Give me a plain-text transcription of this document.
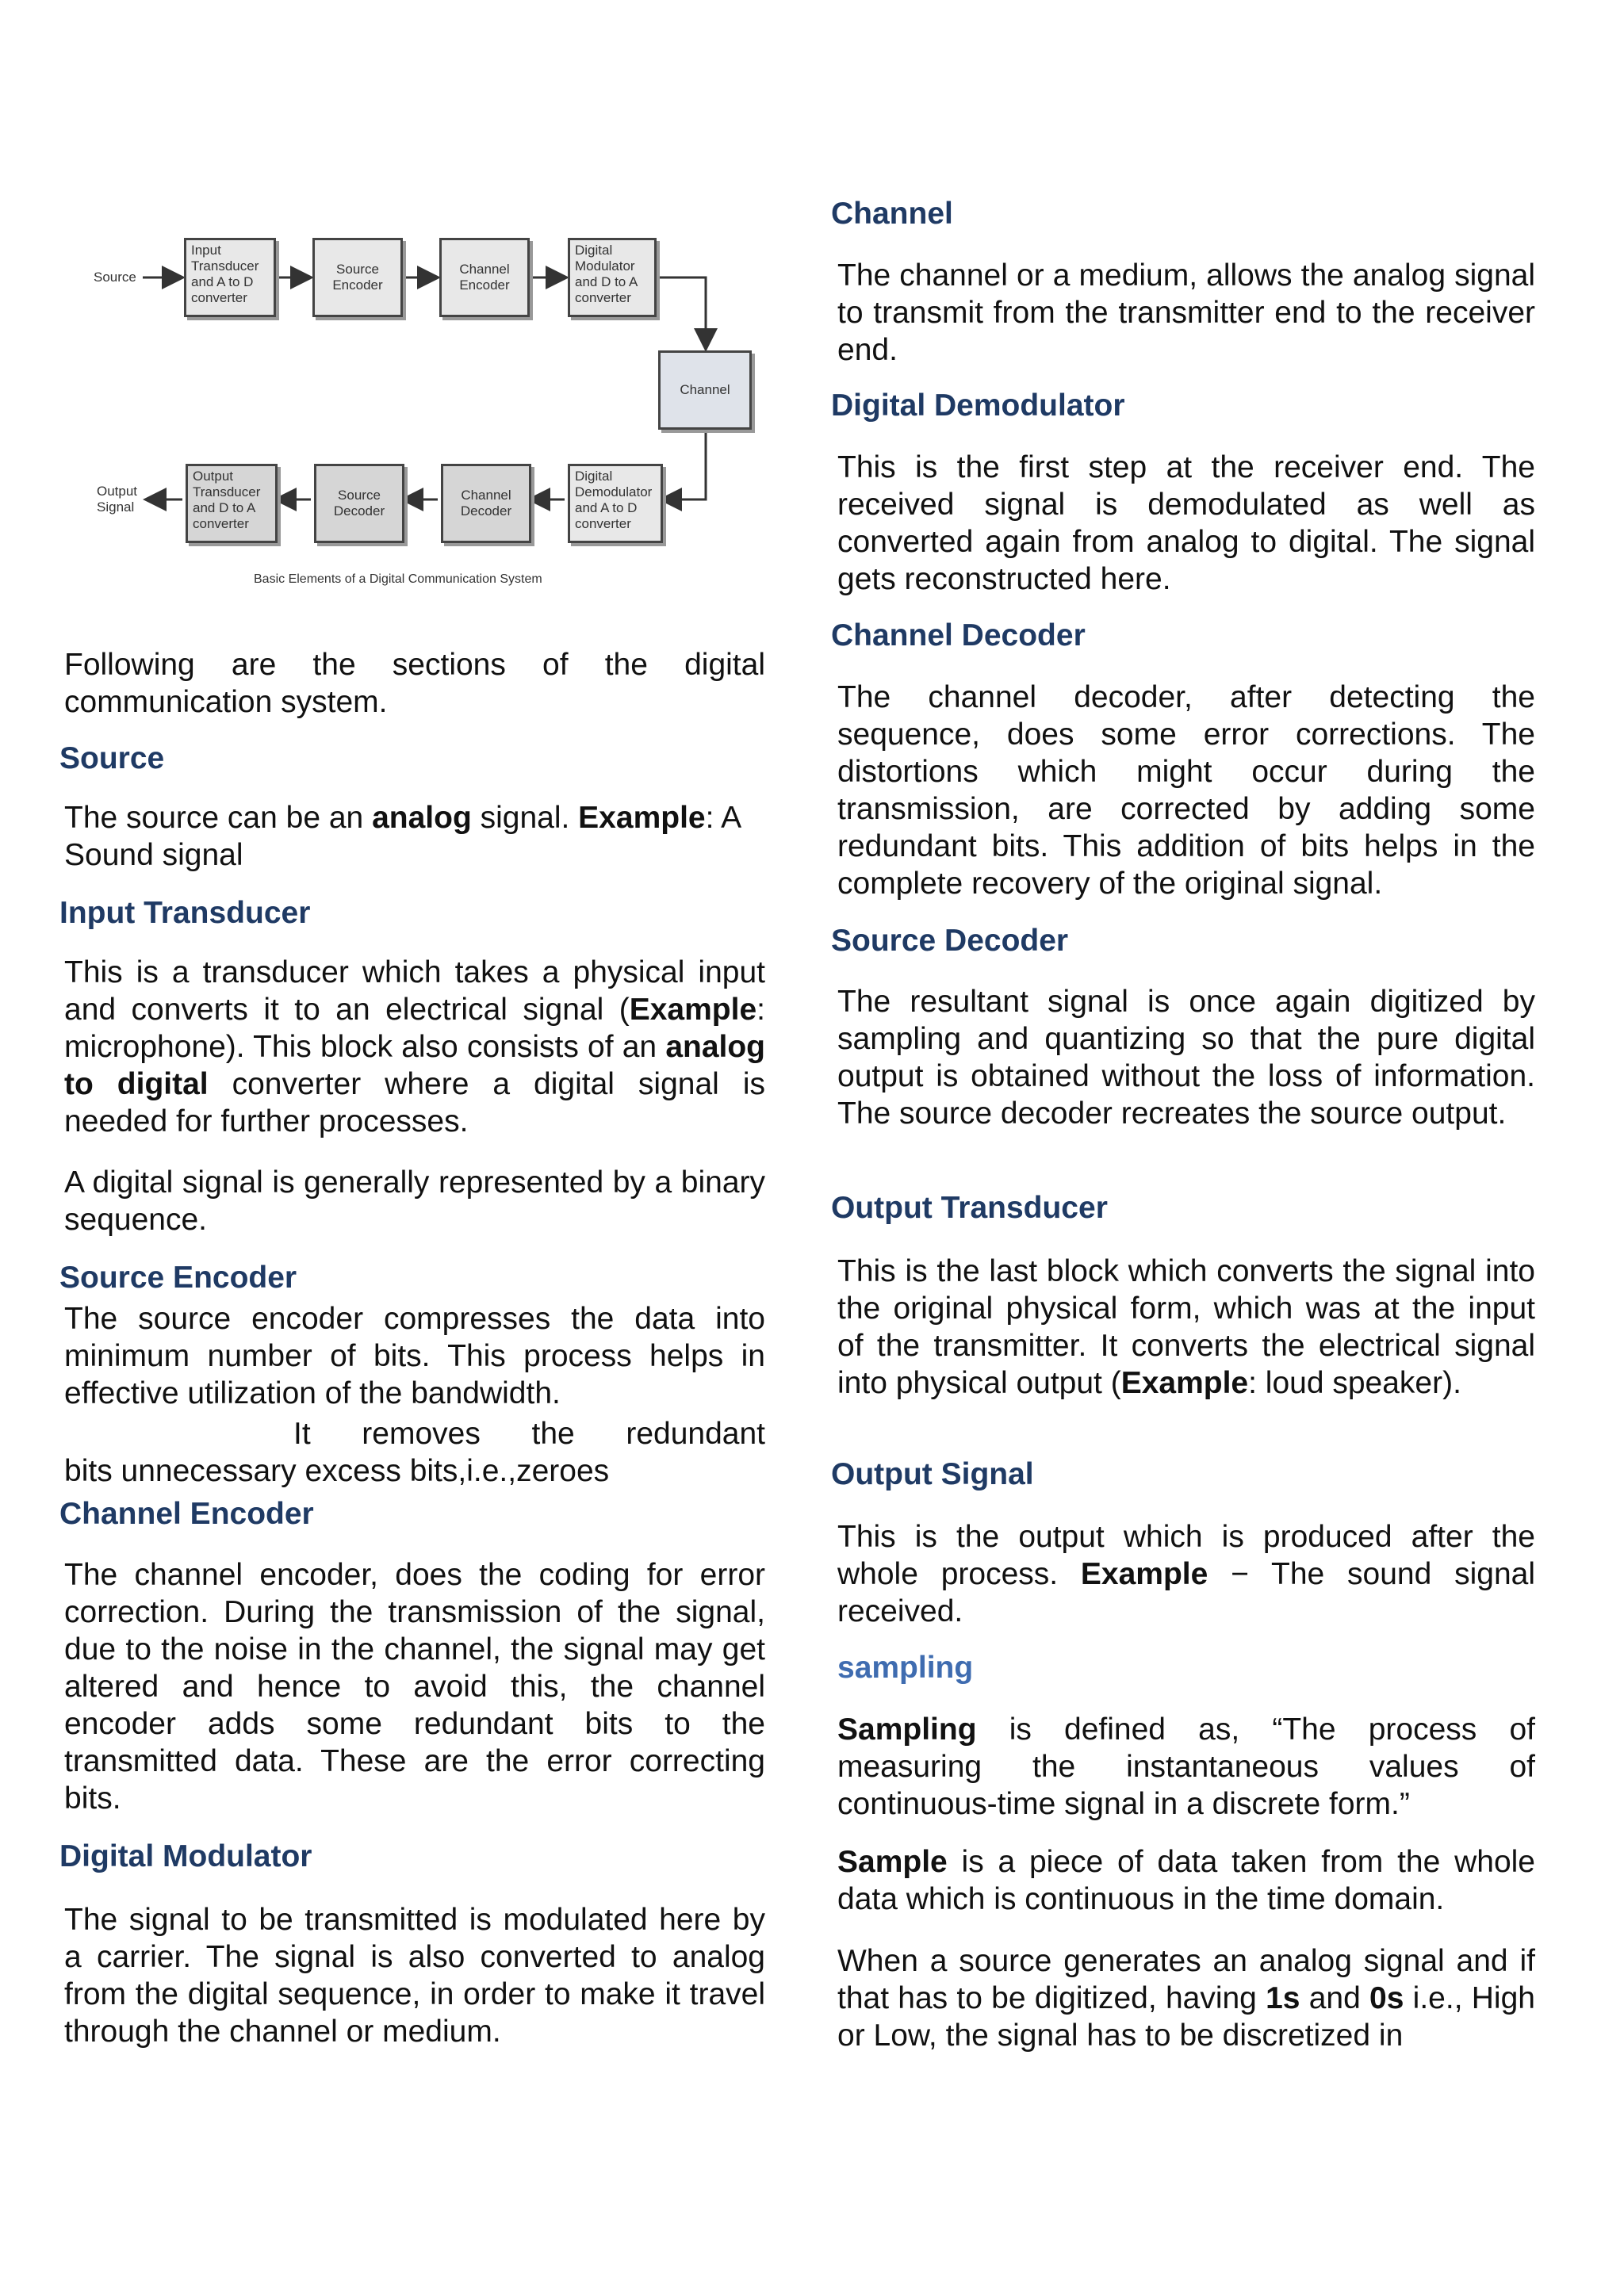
Source
Output
Signal
Input
Transducer
and A to D
converter
Source
Encoder
Channel
Encoder
Digital
Modulator
and D to A
converter
Channel
Output
Transducer
and D to A
converter
Source
Decoder
Channel
Decoder
Digital
Demodulator
and A to D
converter
Basic Elements of a Digital Communication System

Following are the sections of the digital communication system.

Source

The source can be an analog signal. Example: A Sound signal

Input Transducer

This is a transducer which takes a physical input and converts it to an electrical signal (Example: microphone). This block also consists of an analog to digital converter where a digital signal is needed for further processes.

A digital signal is generally represented by a binary sequence.

Source Encoder

The source encoder compresses the data into minimum number of bits. This process helps in effective utilization of the bandwidth.

It removes the redundant

bits unnecessary excess bits,i.e.,zeroes

Channel Encoder

The channel encoder, does the coding for error correction. During the transmission of the signal, due to the noise in the channel, the signal may get altered and hence to avoid this, the channel encoder adds some redundant bits to the transmitted data. These are the error correcting bits.

Digital Modulator

The signal to be transmitted is modulated here by a carrier. The signal is also converted to analog from the digital sequence, in order to make it travel through the channel or medium.

Channel

The channel or a medium, allows the analog signal to transmit from the transmitter end to the receiver end.

Digital Demodulator

This is the first step at the receiver end. The received signal is demodulated as well as converted again from analog to digital. The signal gets reconstructed here.

Channel Decoder

The channel decoder, after detecting the sequence, does some error corrections. The distortions which might occur during the transmission, are corrected by adding some redundant bits. This addition of bits helps in the complete recovery of the original signal.

Source Decoder

The resultant signal is once again digitized by sampling and quantizing so that the pure digital output is obtained without the loss of information. The source decoder recreates the source output.

Output Transducer

This is the last block which converts the signal into the original physical form, which was at the input of the transmitter. It converts the electrical signal into physical output (Example: loud speaker).

Output Signal

This is the output which is produced after the whole process. Example − The sound signal received.

sampling

Sampling is defined as, “The process of measuring the instantaneous values of continuous-time signal in a discrete form.”

Sample is a piece of data taken from the whole data which is continuous in the time domain.

When a source generates an analog signal and if that has to be digitized, having 1s and 0s i.e., High or Low, the signal has to be discretized in
